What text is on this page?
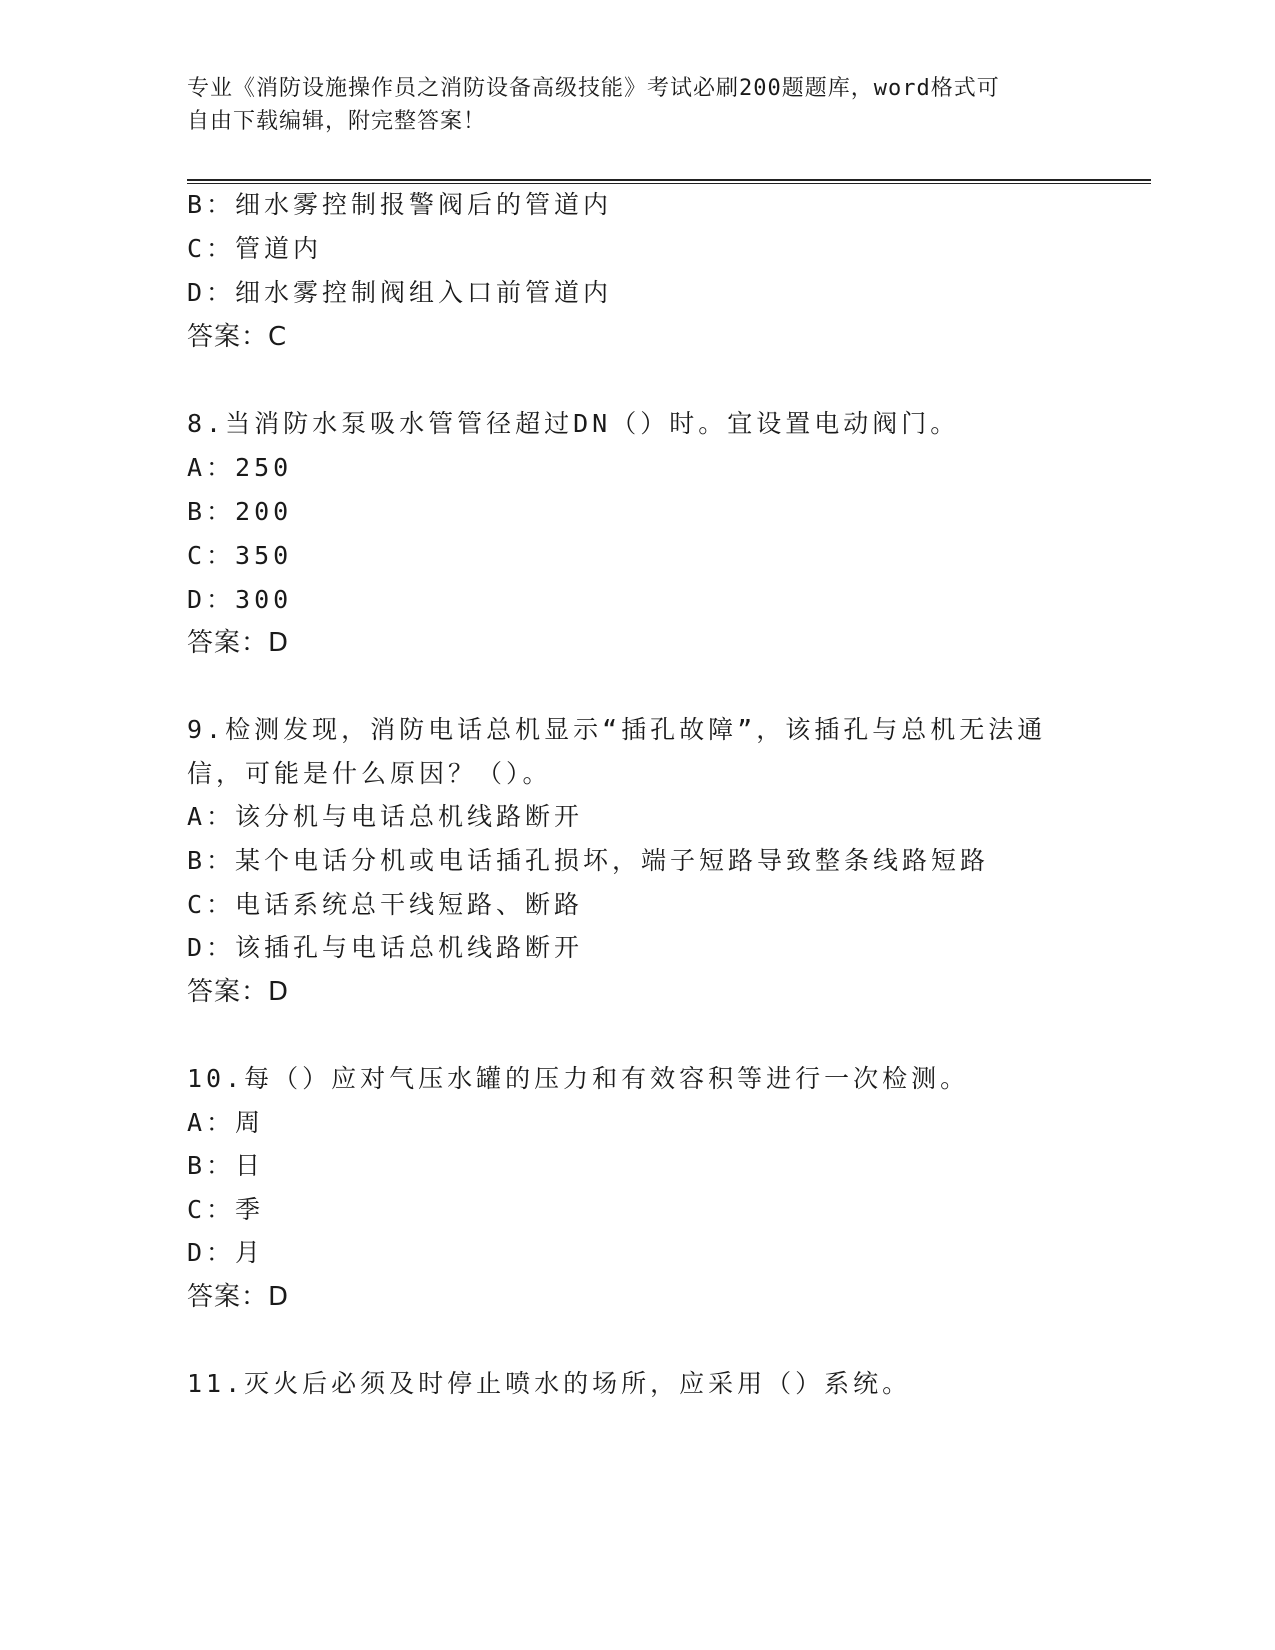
专业《消防设施操作员之消防设备高级技能》考试必刷200题题库，word格式可
自由下载编辑，附完整答案！
B：细水雾控制报警阀后的管道内
C：管道内
D：细水雾控制阀组入口前管道内
答案：C
8.当消防水泵吸水管管径超过DN（）时。宜设置电动阀门。
A：250
B：200
C：350
D：300
答案：D
9.检测发现，消防电话总机显示“插孔故障”，该插孔与总机无法通
信，可能是什么原因？（）。
A：该分机与电话总机线路断开
B：某个电话分机或电话插孔损坏，端子短路导致整条线路短路
C：电话系统总干线短路、断路
D：该插孔与电话总机线路断开
答案：D
10.每（）应对气压水罐的压力和有效容积等进行一次检测。
A：周
B：日
C：季
D：月
答案：D
11.灭火后必须及时停止喷水的场所，应采用（）系统。
